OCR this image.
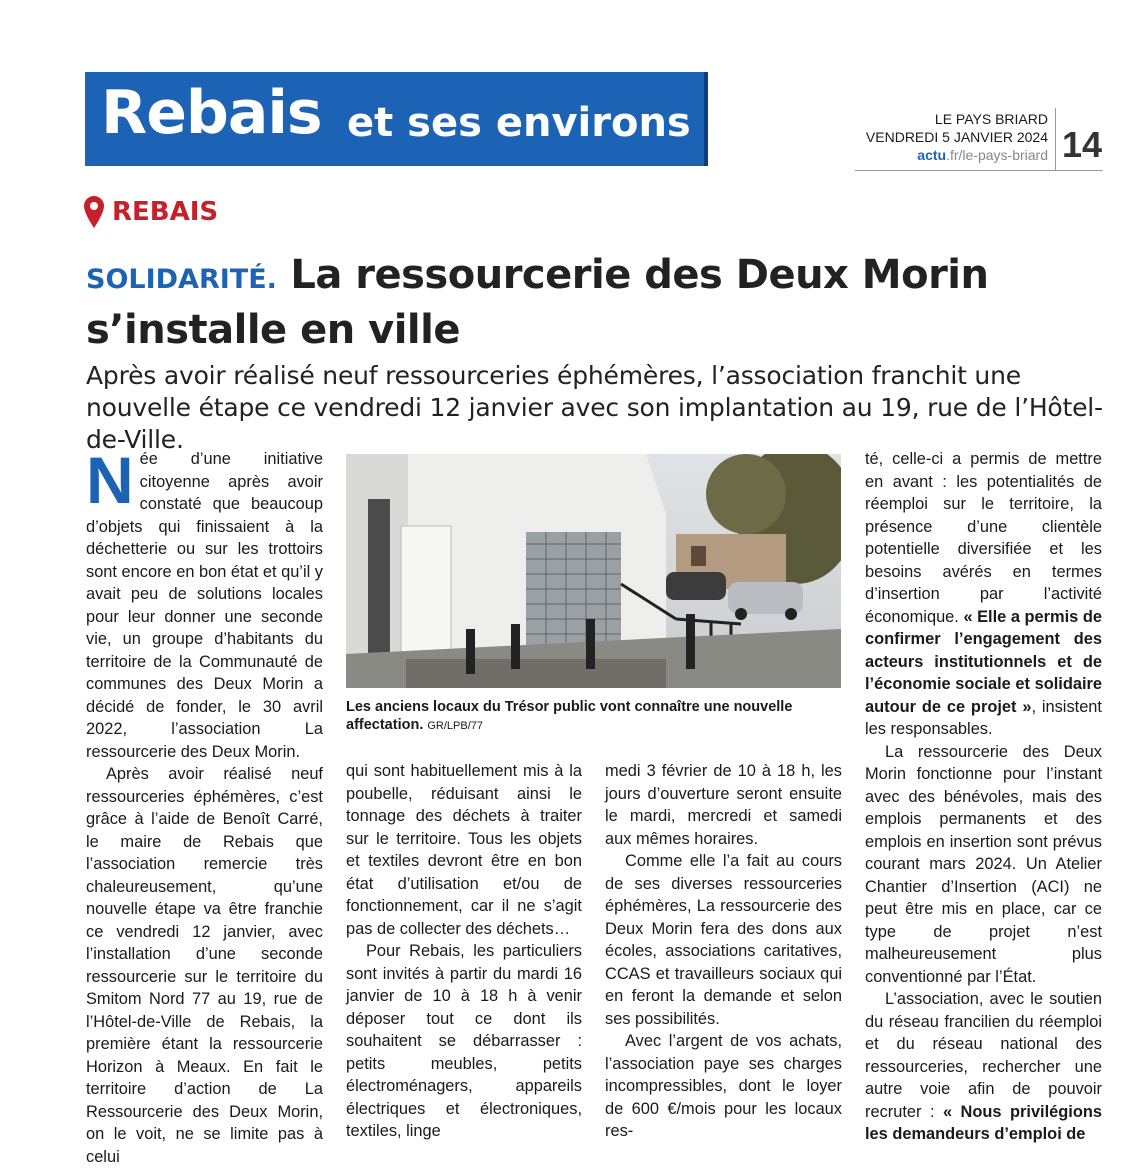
Rebais et ses environs	LE PAYS BRIARD
VENDREDI 5 JANVIER 2024
actu.fr/le-pays-briard 14
REBAIS
SOLIDARITÉ. La ressourcerie des Deux Morin s’installe en ville
Après avoir réalisé neuf ressourceries éphémères, l’association franchit une nouvelle étape ce vendredi 12 janvier avec son implantation au 19, rue de l’Hôtel-de-Ville.

Née d’une initiative citoyenne après avoir constaté que beaucoup d’objets qui finissaient à la déchetterie ou sur les trottoirs sont encore en bon état et qu’il y avait peu de solutions locales pour leur donner une seconde vie, un groupe d’habitants du territoire de la Communauté de communes des Deux Morin a décidé de fonder, le 30 avril 2022, l’association La ressourcerie des Deux Morin.

Après avoir réalisé neuf ressourceries éphémères, c’est grâce à l’aide de Benoît Carré, le maire de Rebais que l’association remercie très chaleureusement, qu’une nouvelle étape va être franchie ce vendredi 12 janvier, avec l’installation d’une seconde ressourcerie sur le territoire du Smitom Nord 77 au 19, rue de l’Hôtel-de-Ville de Rebais, la première étant la ressourcerie Horizon à Meaux. En fait le territoire d’action de La Ressourcerie des Deux Morin, on le voit, ne se limite pas à celui

Les anciens locaux du Trésor public vont connaître une nouvelle affectation. GR/LPB/77

qui sont habituellement mis à la poubelle, réduisant ainsi le tonnage des déchets à traiter sur le territoire. Tous les objets et textiles devront être en bon état d’utilisation et/ou de fonctionnement, car il ne s’agit pas de collecter des déchets…

Pour Rebais, les particuliers sont invités à partir du mardi 16 janvier de 10 à 18 h à venir déposer tout ce dont ils souhaitent se débarrasser : petits meubles, petits électroménagers, appareils électriques et électroniques, textiles, linge

medi 3 février de 10 à 18 h, les jours d’ouverture seront ensuite le mardi, mercredi et samedi aux mêmes horaires.

Comme elle l’a fait au cours de ses diverses ressourceries éphémères, La ressourcerie des Deux Morin fera des dons aux écoles, associations caritatives, CCAS et travailleurs sociaux qui en feront la demande et selon ses possibilités.

Avec l’argent de vos achats, l’association paye ses charges incompressibles, dont le loyer de 600 €/mois pour les locaux res-

té, celle-ci a permis de mettre en avant : les potentialités de réemploi sur le territoire, la présence d’une clientèle potentielle diversifiée et les besoins avérés en termes d’insertion par l’activité économique. « Elle a permis de confirmer l’engagement des acteurs institutionnels et de l’économie sociale et solidaire autour de ce projet », insistent les responsables.

La ressourcerie des Deux Morin fonctionne pour l’instant avec des bénévoles, mais des emplois permanents et des emplois en insertion sont prévus courant mars 2024. Un Atelier Chantier d’Insertion (ACI) ne peut être mis en place, car ce type de projet n’est malheureusement plus conventionné par l’État.

L’association, avec le soutien du réseau francilien du réemploi et du réseau national des ressourceries, rechercher une autre voie afin de pouvoir recruter : « Nous privilégions les demandeurs d’emploi de
